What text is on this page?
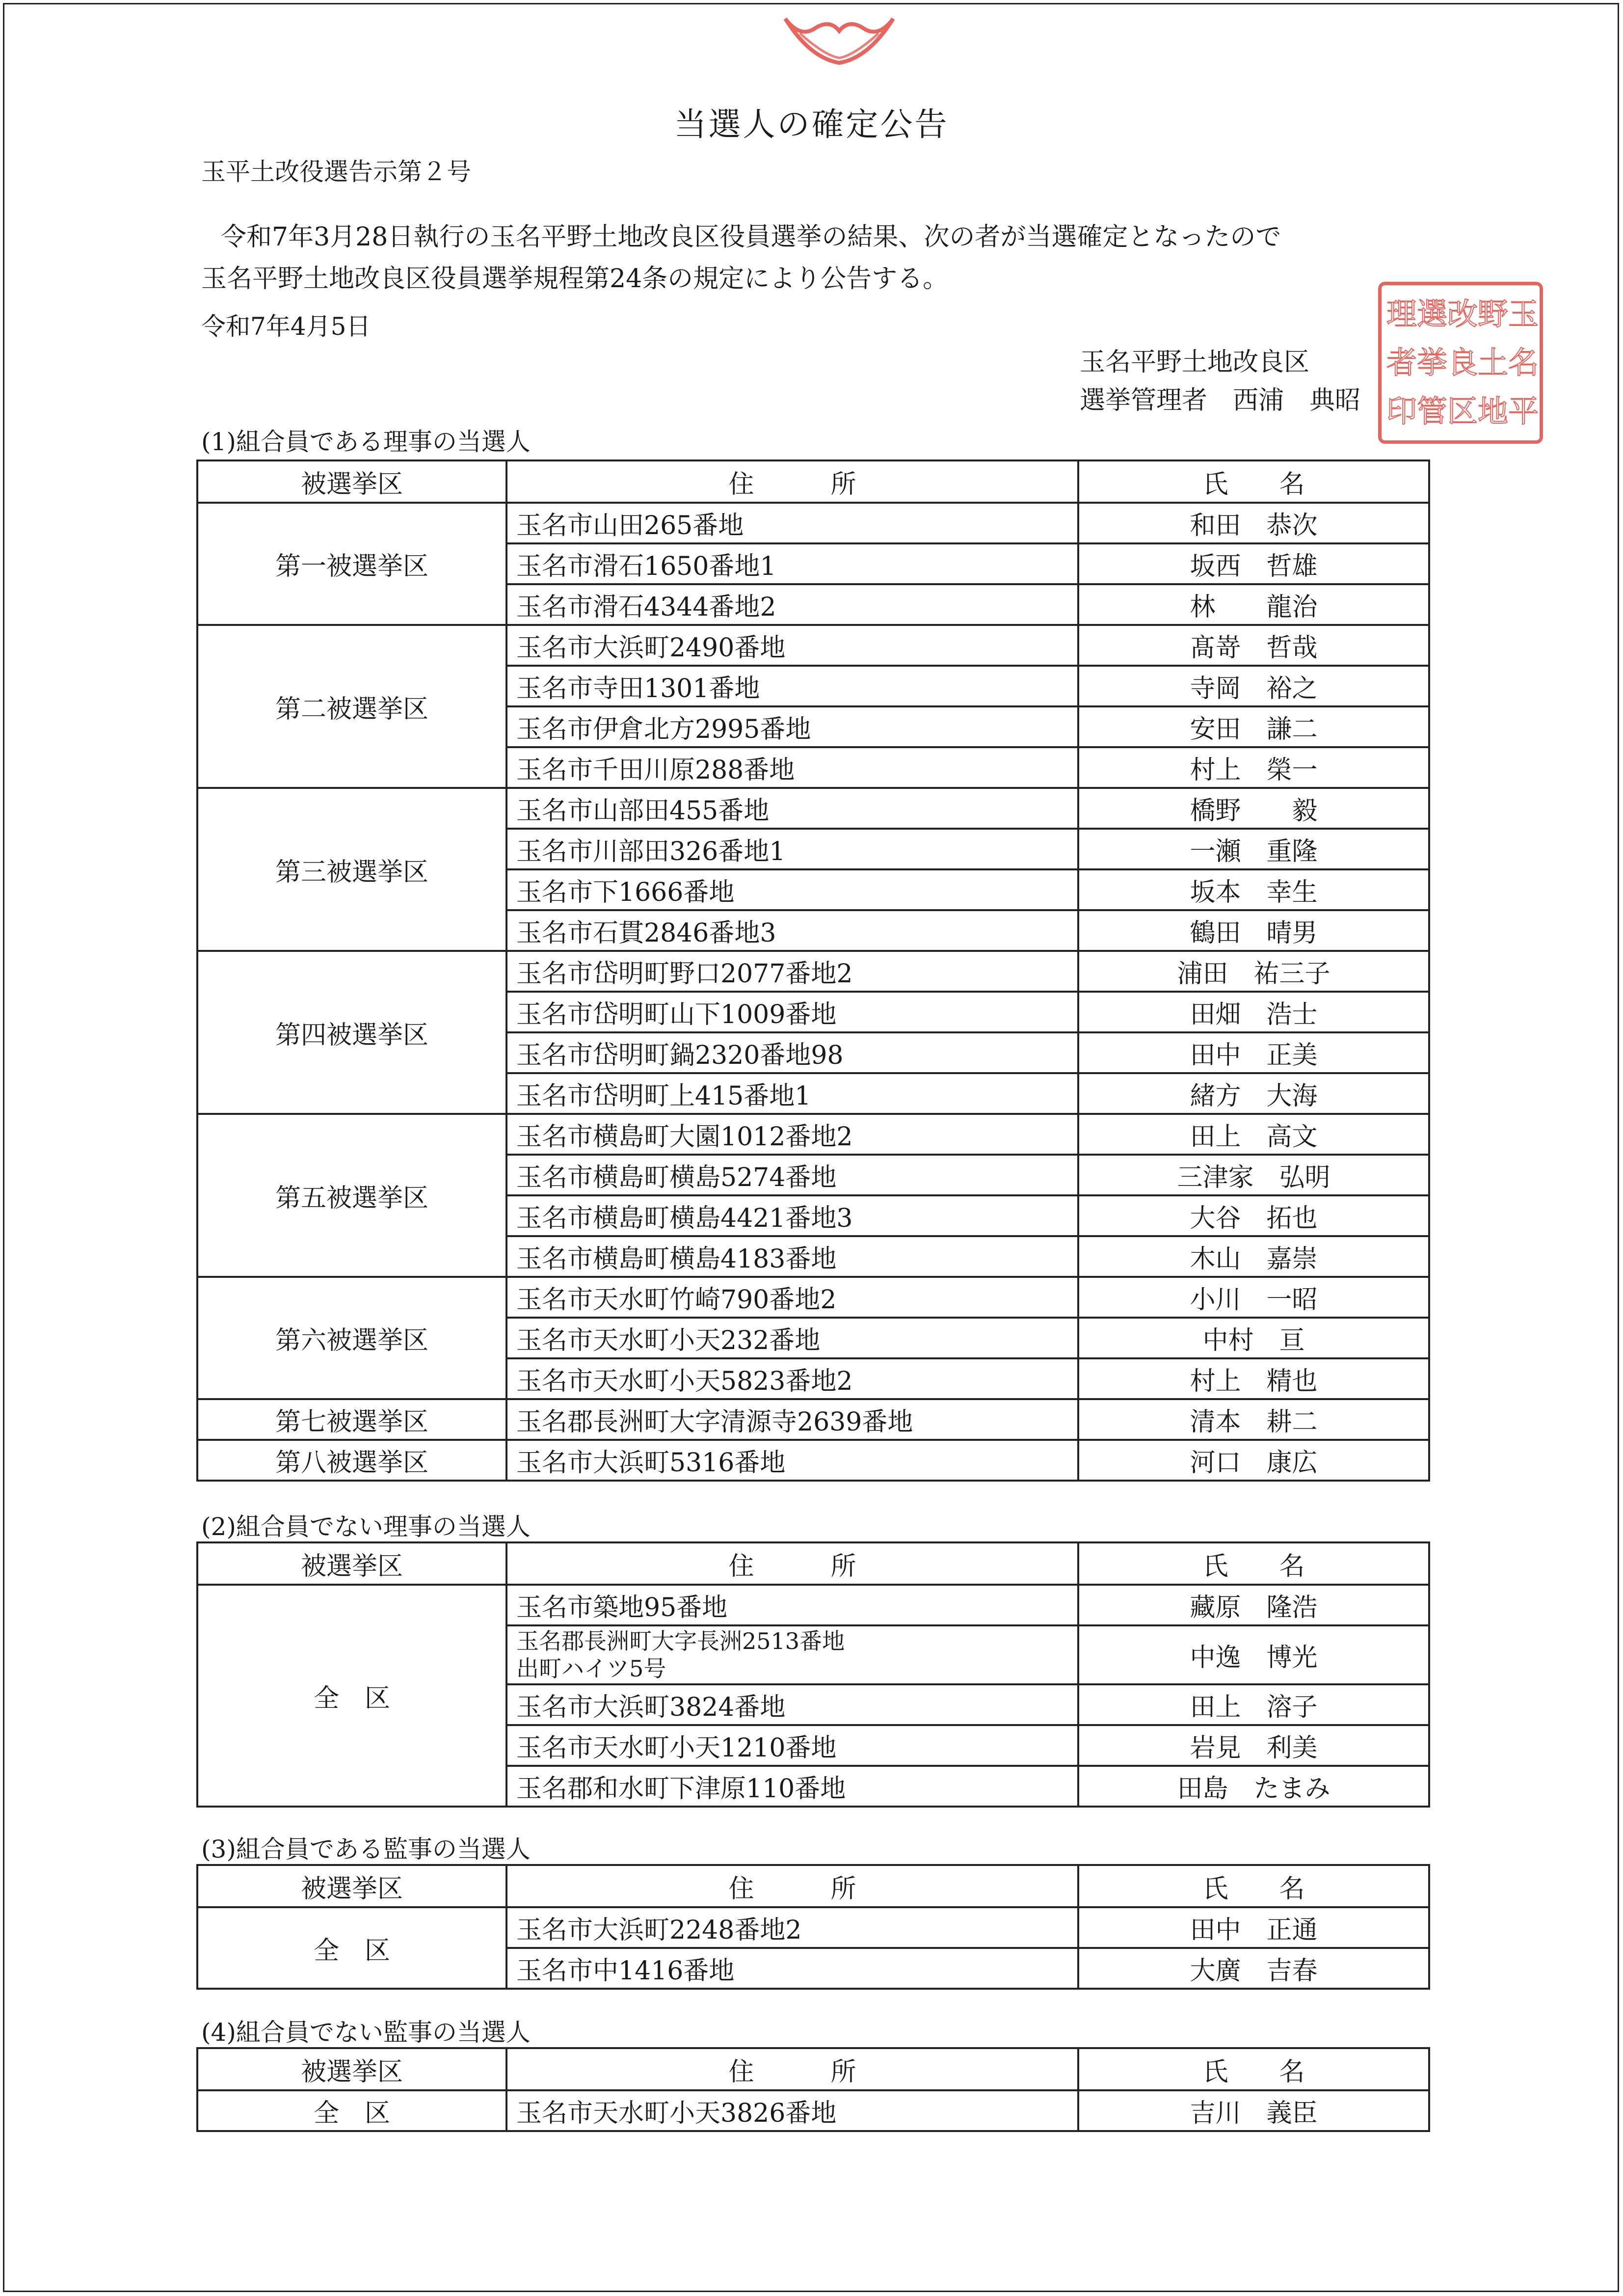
当選人の確定公告
玉平土改役選告示第２号
令和7年3月28日執行の玉名平野土地改良区役員選挙の結果、次の者が当選確定となったので
玉名平野土地改良区役員選挙規程第24条の規定により公告する。
令和7年4月5日
玉名平野土地改良区
選挙管理者　西浦　典昭
理 選 改 野 玉
者 挙 良 土 名
印 管 区 地 平
(1)組合員である理事の当選人
被選挙区	住　　　所	氏　　名
第一被選挙区	玉名市山田265番地	和田　恭次
	玉名市滑石1650番地1	坂西　哲雄
	玉名市滑石4344番地2	林　　龍治
第二被選挙区	玉名市大浜町2490番地	髙嵜　哲哉
	玉名市寺田1301番地	寺岡　裕之
	玉名市伊倉北方2995番地	安田　謙二
	玉名市千田川原288番地	村上　榮一
第三被選挙区	玉名市山部田455番地	橋野　　毅
	玉名市川部田326番地1	一瀬　重隆
	玉名市下1666番地	坂本　幸生
	玉名市石貫2846番地3	鶴田　晴男
第四被選挙区	玉名市岱明町野口2077番地2	浦田　祐三子
	玉名市岱明町山下1009番地	田畑　浩士
	玉名市岱明町鍋2320番地98	田中　正美
	玉名市岱明町上415番地1	緒方　大海
第五被選挙区	玉名市横島町大園1012番地2	田上　高文
	玉名市横島町横島5274番地	三津家　弘明
	玉名市横島町横島4421番地3	大谷　拓也
	玉名市横島町横島4183番地	木山　嘉崇
第六被選挙区	玉名市天水町竹崎790番地2	小川　一昭
	玉名市天水町小天232番地	中村　亘
	玉名市天水町小天5823番地2	村上　精也
第七被選挙区	玉名郡長洲町大字清源寺2639番地	清本　耕二
第八被選挙区	玉名市大浜町5316番地	河口　康広
(2)組合員でない理事の当選人
被選挙区	住　　　所	氏　　名
全　区	玉名市築地95番地	藏原　隆浩

	玉名郡長洲町大字長洲2513番地
出町ハイツ5号	中逸　博光
	玉名市大浜町3824番地	田上　溶子
	玉名市天水町小天1210番地	岩見　利美
	玉名郡和水町下津原110番地	田島　たまみ
(3)組合員である監事の当選人
被選挙区	住　　　所	氏　　名
全　区	玉名市大浜町2248番地2	田中　正通
	玉名市中1416番地	大廣　吉春
(4)組合員でない監事の当選人
被選挙区	住　　　所	氏　　名
全　区	玉名市天水町小天3826番地	吉川　義臣
